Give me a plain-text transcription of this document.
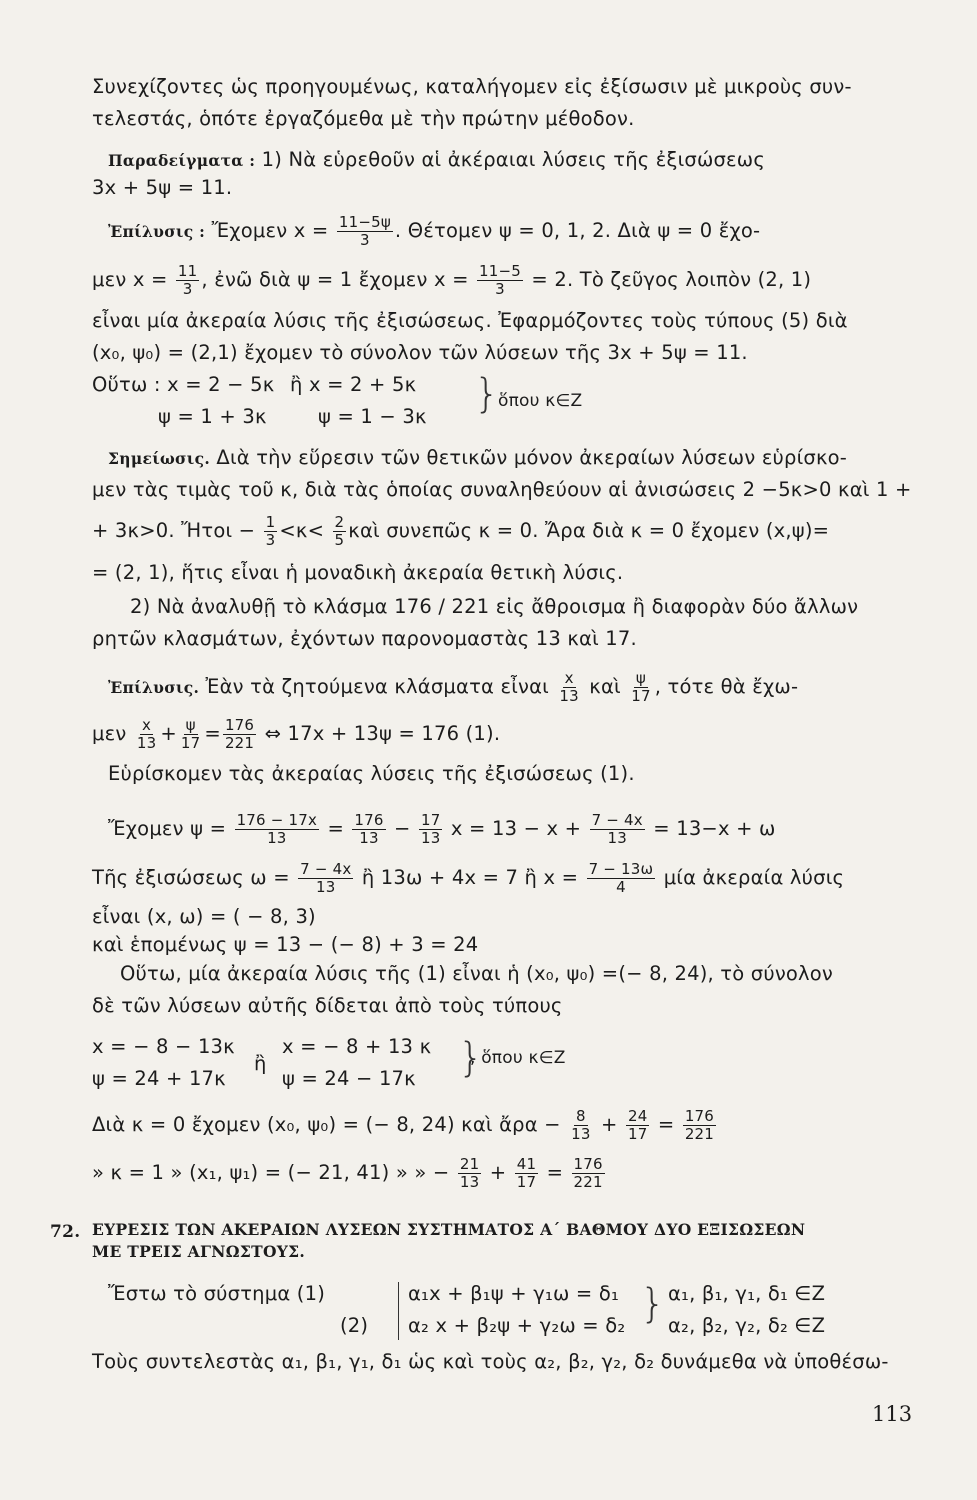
Συνεχίζοντες ὡς προηγουμένως, καταλήγομεν εἰς ἐξίσωσιν μὲ μικροὺς συν-
τελεστάς, ὁπότε ἐργαζόμεθα μὲ τὴν πρώτην μέθοδον.
Παραδείγματα : 1) Νὰ εὑρεθοῦν αἱ ἀκέραιαι λύσεις τῆς ἐξισώσεως
3x + 5ψ = 11.
Ἐπίλυσις : Ἔχομεν $x = \frac{11-5\psi}{3}$ . Θέτομεν ψ = 0, 1, 2. Διὰ ψ = 0 ἔχο-
μεν $x = \frac{11}{3}$ , ἐνῶ διὰ ψ = 1 ἔχομεν $x = \frac{11-5}{3} = 2$. Τὸ ζεῦγος λοιπὸν (2, 1)
εἶναι μία ἀκεραία λύσις τῆς ἐξισώσεως. Ἐφαρμόζοντες τοὺς τύπους (5) διὰ
(x₀, ψ₀) = (2,1) ἔχομεν τὸ σύνολον τῶν λύσεων τῆς 3x + 5ψ = 11.
Οὕτω : x = 2 − 5κ ἢ x = 2 + 5κ }
ὅπου κ∈Z
ψ = 1 + 3κ	ψ = 1 − 3κ
Σημείωσις. Διὰ τὴν εὕρεσιν τῶν θετικῶν μόνον ἀκεραίων λύσεων εὑρίσκο-
μεν τὰς τιμὰς τοῦ κ, διὰ τὰς ὁποίας συναληθεύουν αἱ ἀνισώσεις 2 −5κ>0 καὶ 1 +
+ 3κ>0. Ἤτοι − $\frac{1}{3} <\kappa< \frac{2}{5}$ καὶ συνεπῶς κ = 0. Ἄρα διὰ κ = 0 ἔχομεν (x,ψ)=
= (2, 1), ἥτις εἶναι ἡ μοναδικὴ ἀκεραία θετικὴ λύσις.
2) Νὰ ἀναλυθῇ τὸ κλάσμα 176 / 221 εἰς ἄθροισμα ἢ διαφορὰν δύο ἄλλων
ρητῶν κλασμάτων, ἐχόντων παρονομαστὰς 13 καὶ 17.
Ἐπίλυσις. Ἐὰν τὰ ζητούμενα κλάσματα εἶναι $\frac{x}{13}$ καὶ $\frac{\psi}{17}$ , τότε θὰ ἔχω-
μεν $\frac{x}{13} + \frac{\psi}{17} = \frac{176}{221}$ ⇔ 17x + 13ψ = 176 (1).
Εὑρίσκομεν τὰς ἀκεραίας λύσεις τῆς ἐξισώσεως (1).
Ἔχομεν $\psi = \frac{176 - 17x}{13} = \frac{176}{13} - \frac{17}{13}$ $x = 13 - x + \frac{7 - 4x}{13} = 13-x + \omega$
Τῆς ἐξισώσεως $\omega = \frac{7 - 4x}{13}$ ἢ 13ω + 4x = 7 ἢ $x = \frac{7 - 13\omega}{4}$ μία ἀκεραία λύσις
εἶναι (x, ω) = ( − 8, 3)
καὶ ἑπομένως ψ = 13 − (− 8) + 3 = 24
Οὕτω, μία ἀκεραία λύσις τῆς (1) εἶναι ἡ (x₀, ψ₀) =(− 8, 24), τὸ σύνολον
δὲ τῶν λύσεων αὐτῆς δίδεται ἀπὸ τοὺς τύπους
x = − 8 − 13κ x = − 8 + 13 κ
ἢ	}
, ὅπου κ∈Z
ψ = 24 + 17κ	ψ = 24 − 17κ
Διὰ κ = 0 ἔχομεν (x₀, ψ₀) = (− 8, 24) καὶ ἄρα − $\frac{8}{13} + \frac{24}{17} = \frac{176}{221}$
» κ = 1 » (x₁, ψ₁) = (− 21, 41) » » − $\frac{21}{13} + \frac{41}{17} = \frac{176}{221}$
72. ΕΥΡΕΣΙΣ ΤΩΝ ΑΚΕΡΑΙΩΝ ΛΥΣΕΩΝ ΣΥΣΤΗΜΑΤΟΣ Α΄ ΒΑΘΜΟΥ ΔΥΟ ΕΞΙΣΩΣΕΩΝ
ΜΕ ΤΡΕΙΣ ΑΓΝΩΣΤΟΥΣ.
Ἔστω τὸ σύστημα (1)	α₁x + β₁ψ + γ₁ω = δ₁ } α₁, β₁, γ₁, δ₁ ∈Z
(2) α₂ x + β₂ψ + γ₂ω = δ₂ α₂, β₂, γ₂, δ₂ ∈Z
Τοὺς συντελεστὰς α₁, β₁, γ₁, δ₁ ὡς καὶ τοὺς α₂, β₂, γ₂, δ₂ δυνάμεθα νὰ ὑποθέσω-
113
